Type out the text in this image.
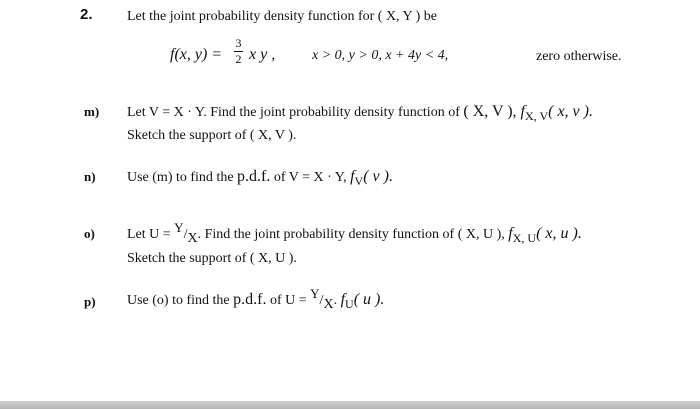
2. Let the joint probability density function for ( X, Y ) be
f(x, y) =
3
2 x y ,	x > 0, y > 0, x + 4y < 4,	zero otherwise.
m) Let V = X · Y. Find the joint probability density function of ( X, V ), fX, V( x, v ).
Sketch the support of ( X, V ).
n) Use (m) to find the p.d.f. of V = X · Y, fV( v ).
o) Let U = Y/X. Find the joint probability density function of ( X, U ), fX, U( x, u ).
Sketch the support of ( X, U ).
p) Use (o) to find the p.d.f. of U = Y/X. fU( u ).
